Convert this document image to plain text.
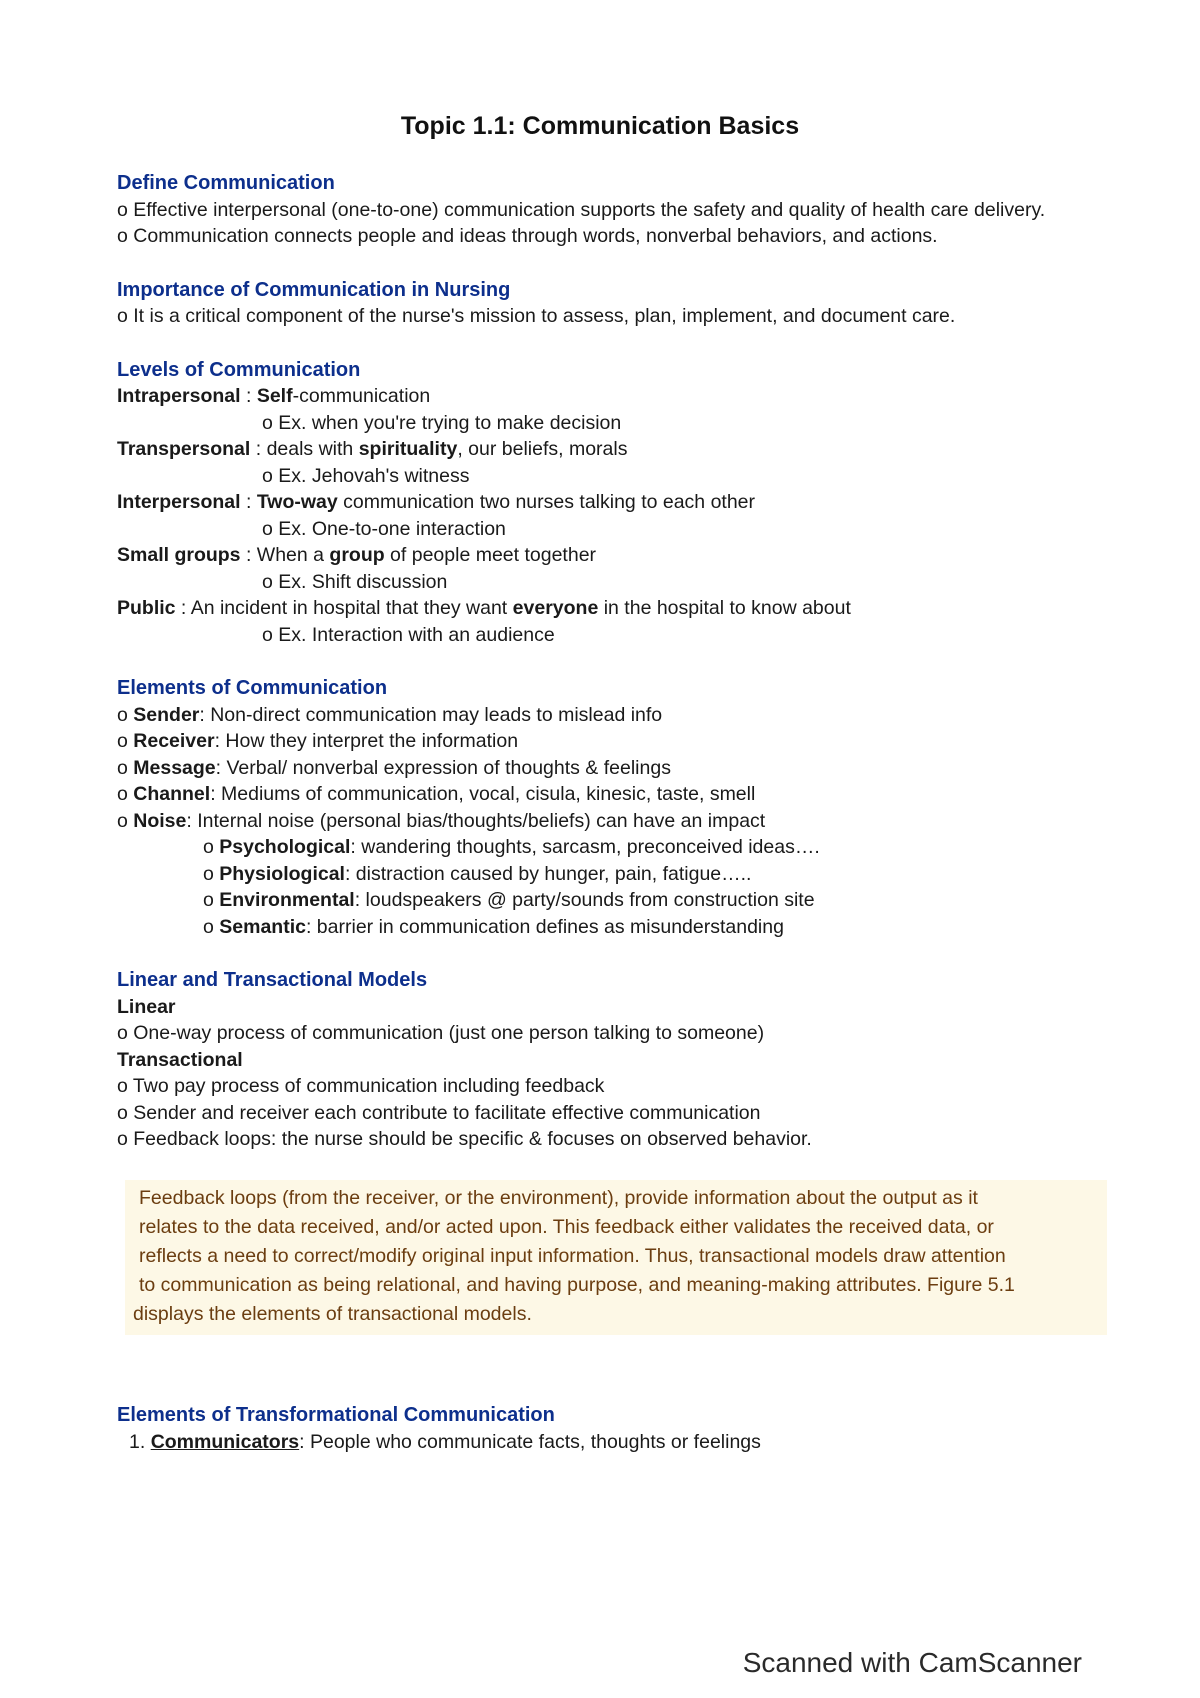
Topic 1.1: Communication Basics
Define Communication
o Effective interpersonal (one-to-one) communication supports the safety and quality of health care delivery.
o Communication connects people and ideas through words, nonverbal behaviors, and actions.
Importance of Communication in Nursing
o It is a critical component of the nurse's mission to assess, plan, implement, and document care.
Levels of Communication
Intrapersonal : Self-communication
o Ex. when you're trying to make decision
Transpersonal : deals with spirituality, our beliefs, morals
o Ex. Jehovah's witness
Interpersonal : Two-way communication two nurses talking to each other
o Ex. One-to-one interaction
Small groups : When a group of people meet together
o Ex. Shift discussion
Public : An incident in hospital that they want everyone in the hospital to know about
o Ex. Interaction with an audience
Elements of Communication
o Sender: Non-direct communication may leads to mislead info
o Receiver: How they interpret the information
o Message: Verbal/ nonverbal expression of thoughts & feelings
o Channel: Mediums of communication, vocal, cisula, kinesic, taste, smell
o Noise: Internal noise (personal bias/thoughts/beliefs) can have an impact
o Psychological: wandering thoughts, sarcasm, preconceived ideas….
o Physiological: distraction caused by hunger, pain, fatigue…..
o Environmental: loudspeakers @ party/sounds from construction site
o Semantic: barrier in communication defines as misunderstanding
Linear and Transactional Models
Linear
o One-way process of communication (just one person talking to someone)
Transactional
o Two pay process of communication including feedback
o Sender and receiver each contribute to facilitate effective communication
o Feedback loops: the nurse should be specific & focuses on observed behavior.
Feedback loops (from the receiver, or the environment), provide information about the output as it
relates to the data received, and/or acted upon. This feedback either validates the received data, or
reflects a need to correct/modify original input information. Thus, transactional models draw attention
to communication as being relational, and having purpose, and meaning-making attributes. Figure 5.1
displays the elements of transactional models.
Elements of Transformational Communication
1. Communicators: People who communicate facts, thoughts or feelings
Scanned with CamScanner
